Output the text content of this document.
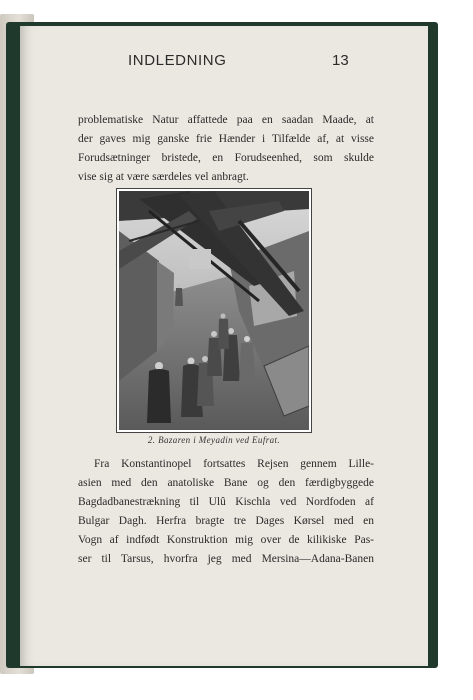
INDLEDNING	13
problematiske Natur affattede paa en saadan Maade, at
der gaves mig ganske frie Hænder i Tilfælde af, at visse
Forudsætninger bristede, en Forudseenhed, som skulde
vise sig at være særdeles vel anbragt.
2. Bazaren i Meyadin ved Eufrat.
Fra Konstantinopel fortsattes Rejsen gennem Lille-
asien med den anatoliske Bane og den færdigbyggede
Bagdadbanestrækning til Ulû Kischla ved Nordfoden af
Bulgar Dagh. Herfra bragte tre Dages Kørsel med en
Vogn af indfødt Konstruktion mig over de kilikiske Pas-
ser til Tarsus, hvorfra jeg med Mersina—Adana-Banen
